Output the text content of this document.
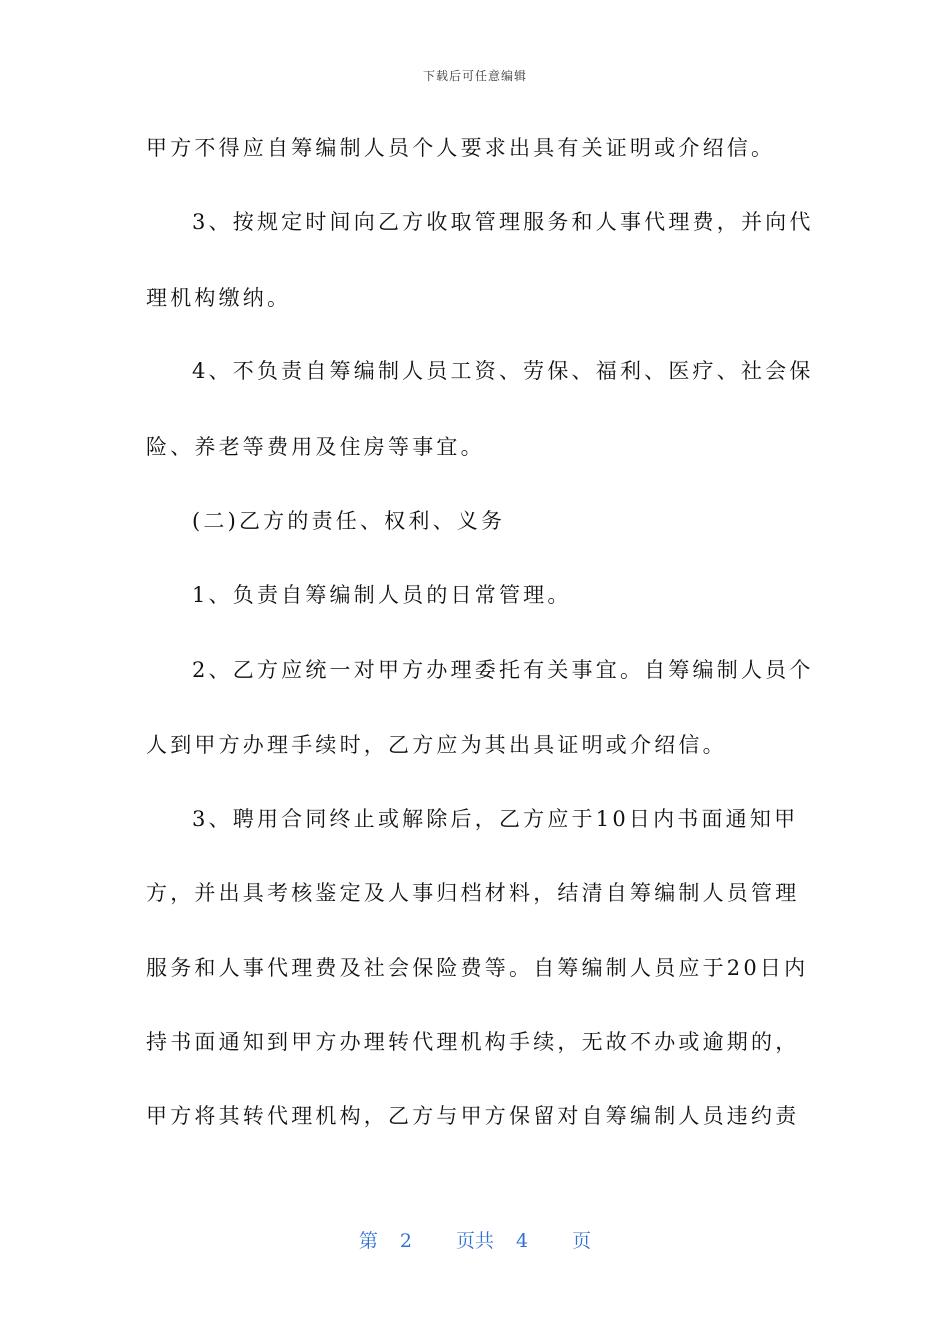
下载后可任意编辑
甲方不得应自筹编制人员个人要求出具有关证明或介绍信。
3、按规定时间向乙方收取管理服务和人事代理费，并向代
理机构缴纳。
4、不负责自筹编制人员工资、劳保、福利、医疗、社会保
险、养老等费用及住房等事宜。
(二)乙方的责任、权利、义务
1、负责自筹编制人员的日常管理。
2、乙方应统一对甲方办理委托有关事宜。自筹编制人员个
人到甲方办理手续时，乙方应为其出具证明或介绍信。
3、聘用合同终止或解除后，乙方应于10日内书面通知甲
方，并出具考核鉴定及人事归档材料，结清自筹编制人员管理
服务和人事代理费及社会保险费等。自筹编制人员应于20日内
持书面通知到甲方办理转代理机构手续，无故不办或逾期的，
甲方将其转代理机构，乙方与甲方保留对自筹编制人员违约责
第 2 页共 4 页
